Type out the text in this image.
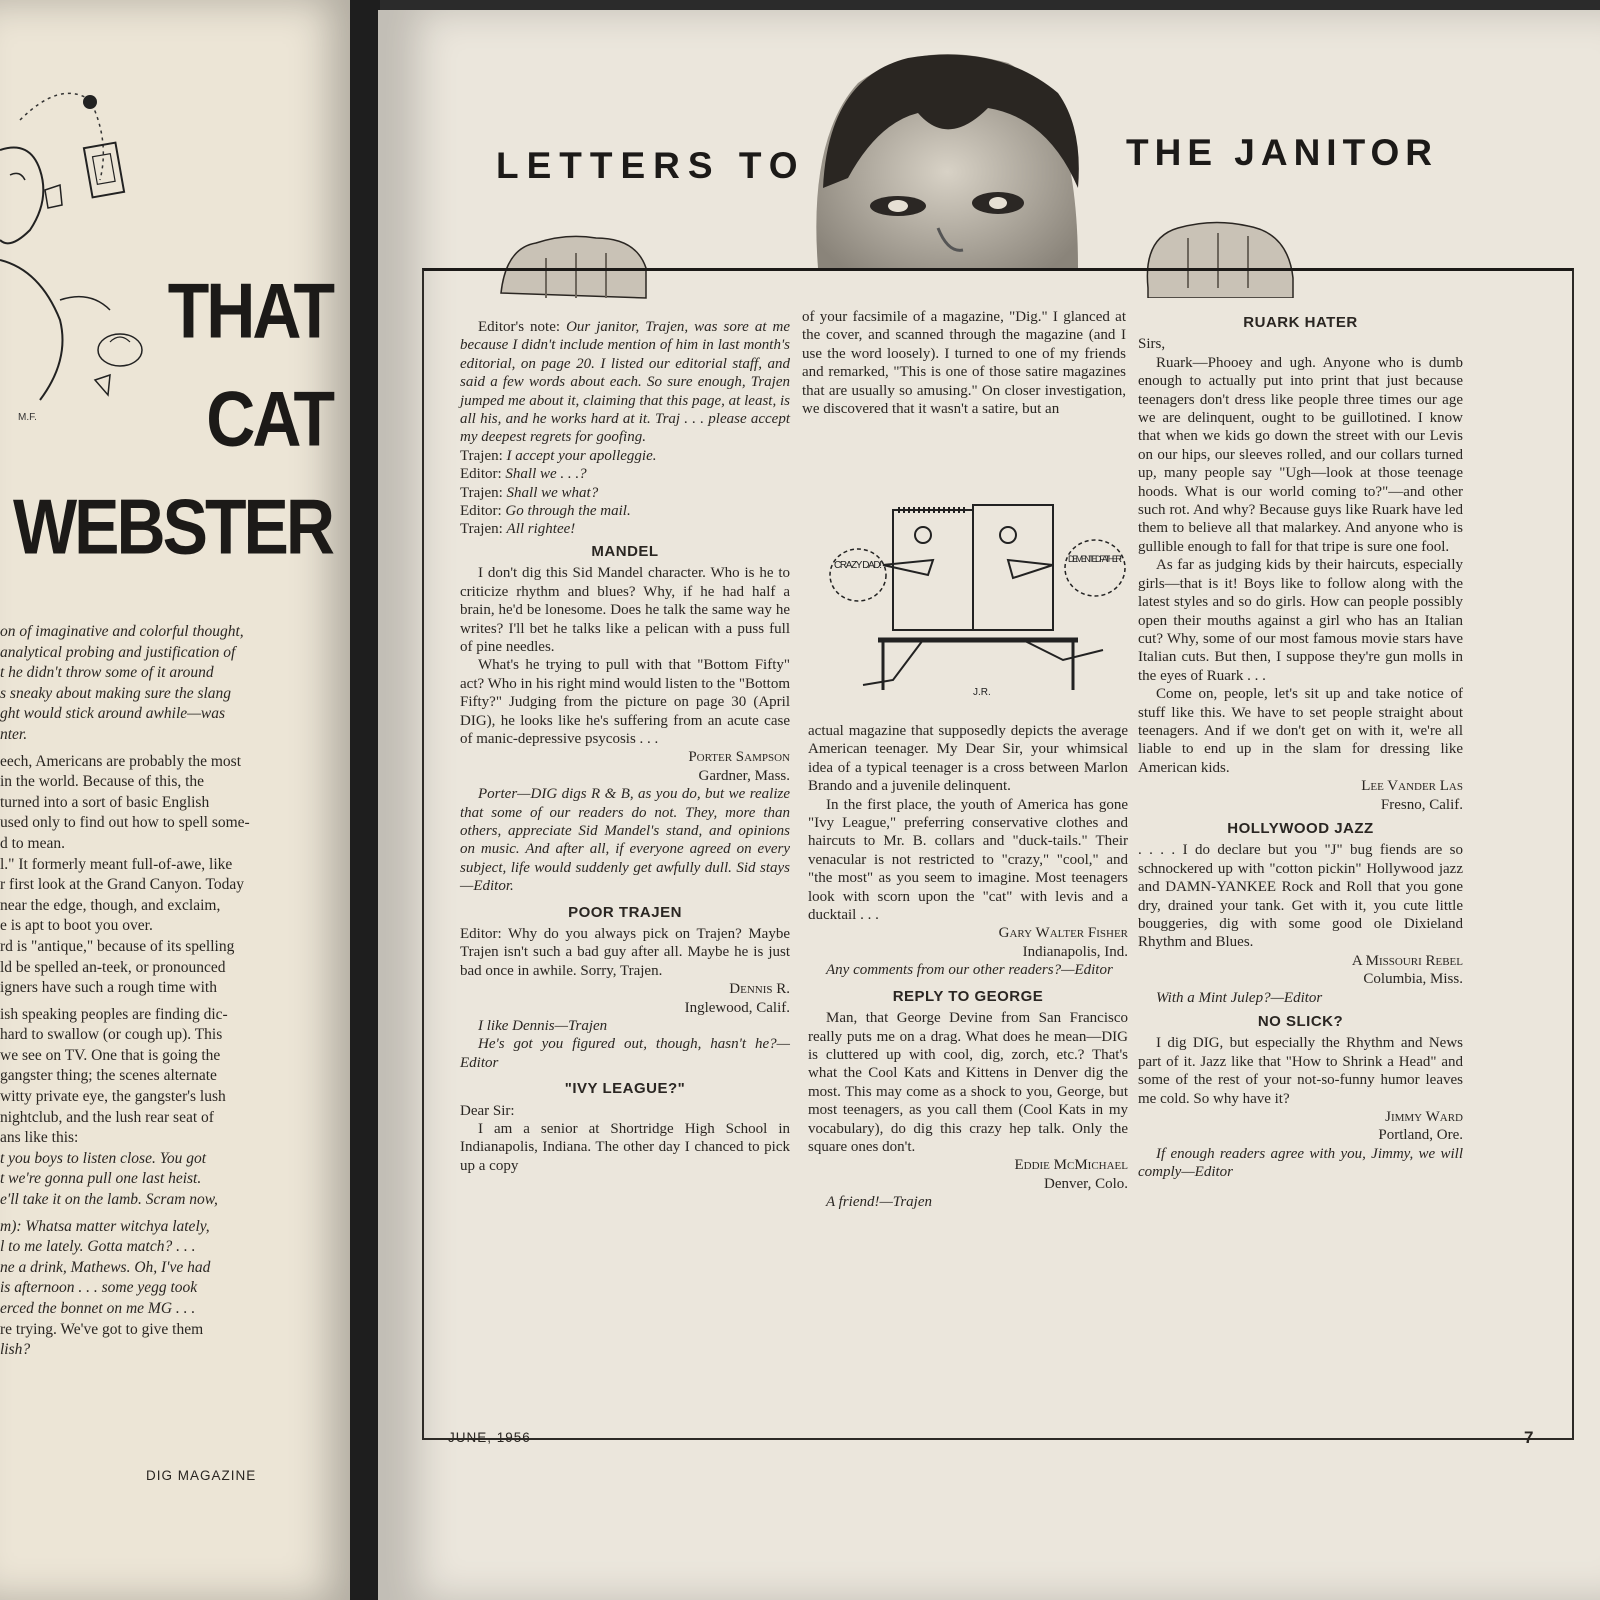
M.F.
THAT
CAT
WEBSTER

on of imaginative and colorful thought,

analytical probing and justification of

t he didn't throw some of it around

s sneaky about making sure the slang

ght would stick around awhile—was

nter.

eech, Americans are probably the most

in the world. Because of this, the

turned into a sort of basic English

used only to find out how to spell some-

d to mean.

l." It formerly meant full-of-awe, like

r first look at the Grand Canyon. Today

near the edge, though, and exclaim,

e is apt to boot you over.

rd is "antique," because of its spelling

ld be spelled an-teek, or pronounced

igners have such a rough time with

ish speaking peoples are finding dic-

hard to swallow (or cough up). This

we see on TV. One that is going the

gangster thing; the scenes alternate

witty private eye, the gangster's lush

nightclub, and the lush rear seat of

ans like this:

t you boys to listen close. You got

t we're gonna pull one last heist.

e'll take it on the lamb. Scram now,

m): Whatsa matter witchya lately,

l to me lately. Gotta match? . . .

ne a drink, Mathews. Oh, I've had

is afternoon . . . some yegg took

erced the bonnet on me MG . . .

re trying. We've got to give them

lish?

DIG MAGAZINE
LETTERS TO	THE JANITOR

Editor's note: Our janitor, Trajen, was sore at me because I didn't include mention of him in last month's editorial, on page 20. I listed our editorial staff, and said a few words about each. So sure enough, Trajen jumped me about it, claiming that this page, at least, is all his, and he works hard at it. Traj . . . please accept my deepest regrets for goofing.

Trajen: I accept your apolleggie.

Editor: Shall we . . .?

Trajen: Shall we what?

Editor: Go through the mail.

Trajen: All rightee!

MANDEL

I don't dig this Sid Mandel character. Who is he to criticize rhythm and blues? Why, if he had half a brain, he'd be lonesome. Does he talk the same way he writes? I'll bet he talks like a pelican with a puss full of pine needles.

What's he trying to pull with that "Bottom Fifty" act? Who in his right mind would listen to the "Bottom Fifty?" Judging from the picture on page 30 (April DIG), he looks like he's suffering from an acute case of manic-depressive psycosis . . .

Porter Sampson

Gardner, Mass.

Porter—DIG digs R & B, as you do, but we realize that some of our readers do not. They, more than others, appreciate Sid Mandel's stand, and opinions on music. And after all, if everyone agreed on every subject, life would suddenly get awfully dull. Sid stays—Editor.

POOR TRAJEN

Editor: Why do you always pick on Trajen? Maybe Trajen isn't such a bad guy after all. Maybe he is just bad once in awhile. Sorry, Trajen.

Dennis R.

Inglewood, Calif.

I like Dennis—Trajen

He's got you figured out, though, hasn't he?—Editor

"IVY LEAGUE?"

Dear Sir:

I am a senior at Shortridge High School in Indianapolis, Indiana. The other day I chanced to pick up a copy

of your facsimile of a magazine, "Dig." I glanced at the cover, and scanned through the magazine (and I use the word loosely). I turned to one of my friends and remarked, "This is one of those satire magazines that are usually so amusing." On closer investigation, we discovered that it wasn't a satire, but an

CRAZY DAD!
DEMENTED FATHER!
J.R.

actual magazine that supposedly depicts the average American teenager. My Dear Sir, your whimsical idea of a typical teenager is a cross between Marlon Brando and a juvenile delinquent.

In the first place, the youth of America has gone "Ivy League," preferring conservative clothes and haircuts to Mr. B. collars and "duck-tails." Their venacular is not restricted to "crazy," "cool," and "the most" as you seem to imagine. Most teenagers look with scorn upon the "cat" with levis and a ducktail . . .

Gary Walter Fisher

Indianapolis, Ind.

Any comments from our other readers?—Editor

REPLY TO GEORGE

Man, that George Devine from San Francisco really puts me on a drag. What does he mean—DIG is cluttered up with cool, dig, zorch, etc.? That's what the Cool Kats and Kittens in Denver dig the most. This may come as a shock to you, George, but most teenagers, as you call them (Cool Kats in my vocabulary), do dig this crazy hep talk. Only the square ones don't.

Eddie McMichael

Denver, Colo.

A friend!—Trajen

RUARK HATER

Sirs,

Ruark—Phooey and ugh. Anyone who is dumb enough to actually put into print that just because teenagers don't dress like people three times our age we are delinquent, ought to be guillotined. I know that when we kids go down the street with our Levis on our hips, our sleeves rolled, and our collars turned up, many people say "Ugh—look at those teenage hoods. What is our world coming to?"—and other such rot. And why? Because guys like Ruark have led them to believe all that malarkey. And anyone who is gullible enough to fall for that tripe is sure one fool.

As far as judging kids by their haircuts, especially girls—that is it! Boys like to follow along with the latest styles and so do girls. How can people possibly open their mouths against a girl who has an Italian cut? Why, some of our most famous movie stars have Italian cuts. But then, I suppose they're gun molls in the eyes of Ruark . . .

Come on, people, let's sit up and take notice of stuff like this. We have to set people straight about teenagers. And if we don't get on with it, we're all liable to end up in the slam for dressing like American kids.

Lee Vander Las

Fresno, Calif.

HOLLYWOOD JAZZ

. . . . I do declare but you "J" bug fiends are so schnockered up with "cotton pickin" Hollywood jazz and DAMN-YANKEE Rock and Roll that you gone dry, drained your tank. Get with it, you cute little bouggeries, dig with some good ole Dixieland Rhythm and Blues.

A Missouri Rebel

Columbia, Miss.

With a Mint Julep?—Editor

NO SLICK?

I dig DIG, but especially the Rhythm and News part of it. Jazz like that "How to Shrink a Head" and some of the rest of your not-so-funny humor leaves me cold. So why have it?

Jimmy Ward

Portland, Ore.

If enough readers agree with you, Jimmy, we will comply—Editor

JUNE, 1956	7
